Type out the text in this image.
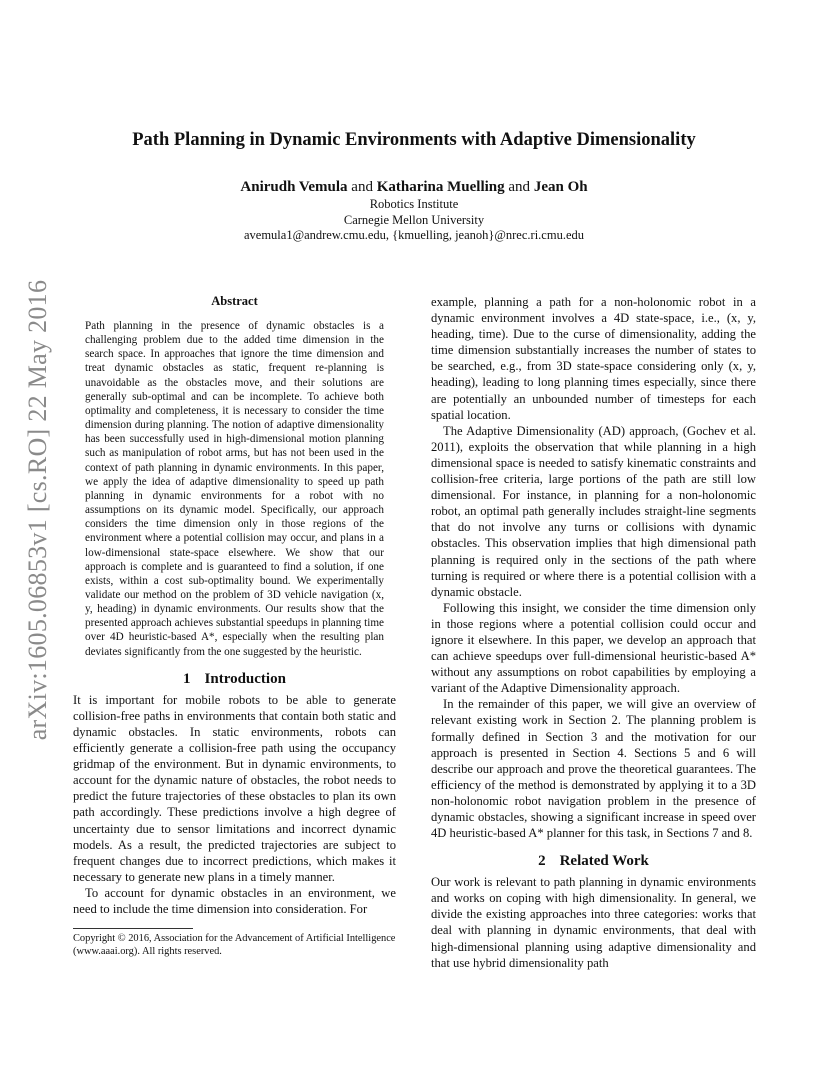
arXiv:1605.06853v1 [cs.RO] 22 May 2016
Path Planning in Dynamic Environments with Adaptive Dimensionality
Anirudh Vemula and Katharina Muelling and Jean Oh
Robotics Institute
Carnegie Mellon University
avemula1@andrew.cmu.edu, {kmuelling, jeanoh}@nrec.ri.cmu.edu
Abstract

Path planning in the presence of dynamic obstacles is a challenging problem due to the added time dimension in the search space. In approaches that ignore the time dimension and treat dynamic obstacles as static, frequent re-planning is unavoidable as the obstacles move, and their solutions are generally sub-optimal and can be incomplete. To achieve both optimality and completeness, it is necessary to consider the time dimension during planning. The notion of adaptive dimensionality has been successfully used in high-dimensional motion planning such as manipulation of robot arms, but has not been used in the context of path planning in dynamic environments. In this paper, we apply the idea of adaptive dimensionality to speed up path planning in dynamic environments for a robot with no assumptions on its dynamic model. Specifically, our approach considers the time dimension only in those regions of the environment where a potential collision may occur, and plans in a low-dimensional state-space elsewhere. We show that our approach is complete and is guaranteed to find a solution, if one exists, within a cost sub-optimality bound. We experimentally validate our method on the problem of 3D vehicle navigation (x, y, heading) in dynamic environments. Our results show that the presented approach achieves substantial speedups in planning time over 4D heuristic-based A*, especially when the resulting plan deviates significantly from the one suggested by the heuristic.

1 Introduction

It is important for mobile robots to be able to generate collision-free paths in environments that contain both static and dynamic obstacles. In static environments, robots can efficiently generate a collision-free path using the occupancy gridmap of the environment. But in dynamic environments, to account for the dynamic nature of obstacles, the robot needs to predict the future trajectories of these obstacles to plan its own path accordingly. These predictions involve a high degree of uncertainty due to sensor limitations and incorrect dynamic models. As a result, the predicted trajectories are subject to frequent changes due to incorrect predictions, which makes it necessary to generate new plans in a timely manner.

To account for dynamic obstacles in an environment, we need to include the time dimension into consideration. For

Copyright © 2016, Association for the Advancement of Artificial Intelligence (www.aaai.org). All rights reserved.

example, planning a path for a non-holonomic robot in a dynamic environment involves a 4D state-space, i.e., (x, y, heading, time). Due to the curse of dimensionality, adding the time dimension substantially increases the number of states to be searched, e.g., from 3D state-space considering only (x, y, heading), leading to long planning times especially, since there are potentially an unbounded number of timesteps for each spatial location.

The Adaptive Dimensionality (AD) approach, (Gochev et al. 2011), exploits the observation that while planning in a high dimensional space is needed to satisfy kinematic constraints and collision-free criteria, large portions of the path are still low dimensional. For instance, in planning for a non-holonomic robot, an optimal path generally includes straight-line segments that do not involve any turns or collisions with dynamic obstacles. This observation implies that high dimensional path planning is required only in the sections of the path where turning is required or where there is a potential collision with a dynamic obstacle.

Following this insight, we consider the time dimension only in those regions where a potential collision could occur and ignore it elsewhere. In this paper, we develop an approach that can achieve speedups over full-dimensional heuristic-based A* without any assumptions on robot capabilities by employing a variant of the Adaptive Dimensionality approach.

In the remainder of this paper, we will give an overview of relevant existing work in Section 2. The planning problem is formally defined in Section 3 and the motivation for our approach is presented in Section 4. Sections 5 and 6 will describe our approach and prove the theoretical guarantees. The efficiency of the method is demonstrated by applying it to a 3D non-holonomic robot navigation problem in the presence of dynamic obstacles, showing a significant increase in speed over 4D heuristic-based A* planner for this task, in Sections 7 and 8.

2 Related Work

Our work is relevant to path planning in dynamic environments and works on coping with high dimensionality. In general, we divide the existing approaches into three categories: works that deal with planning in dynamic environments, that deal with high-dimensional planning using adaptive dimensionality and that use hybrid dimensionality path
